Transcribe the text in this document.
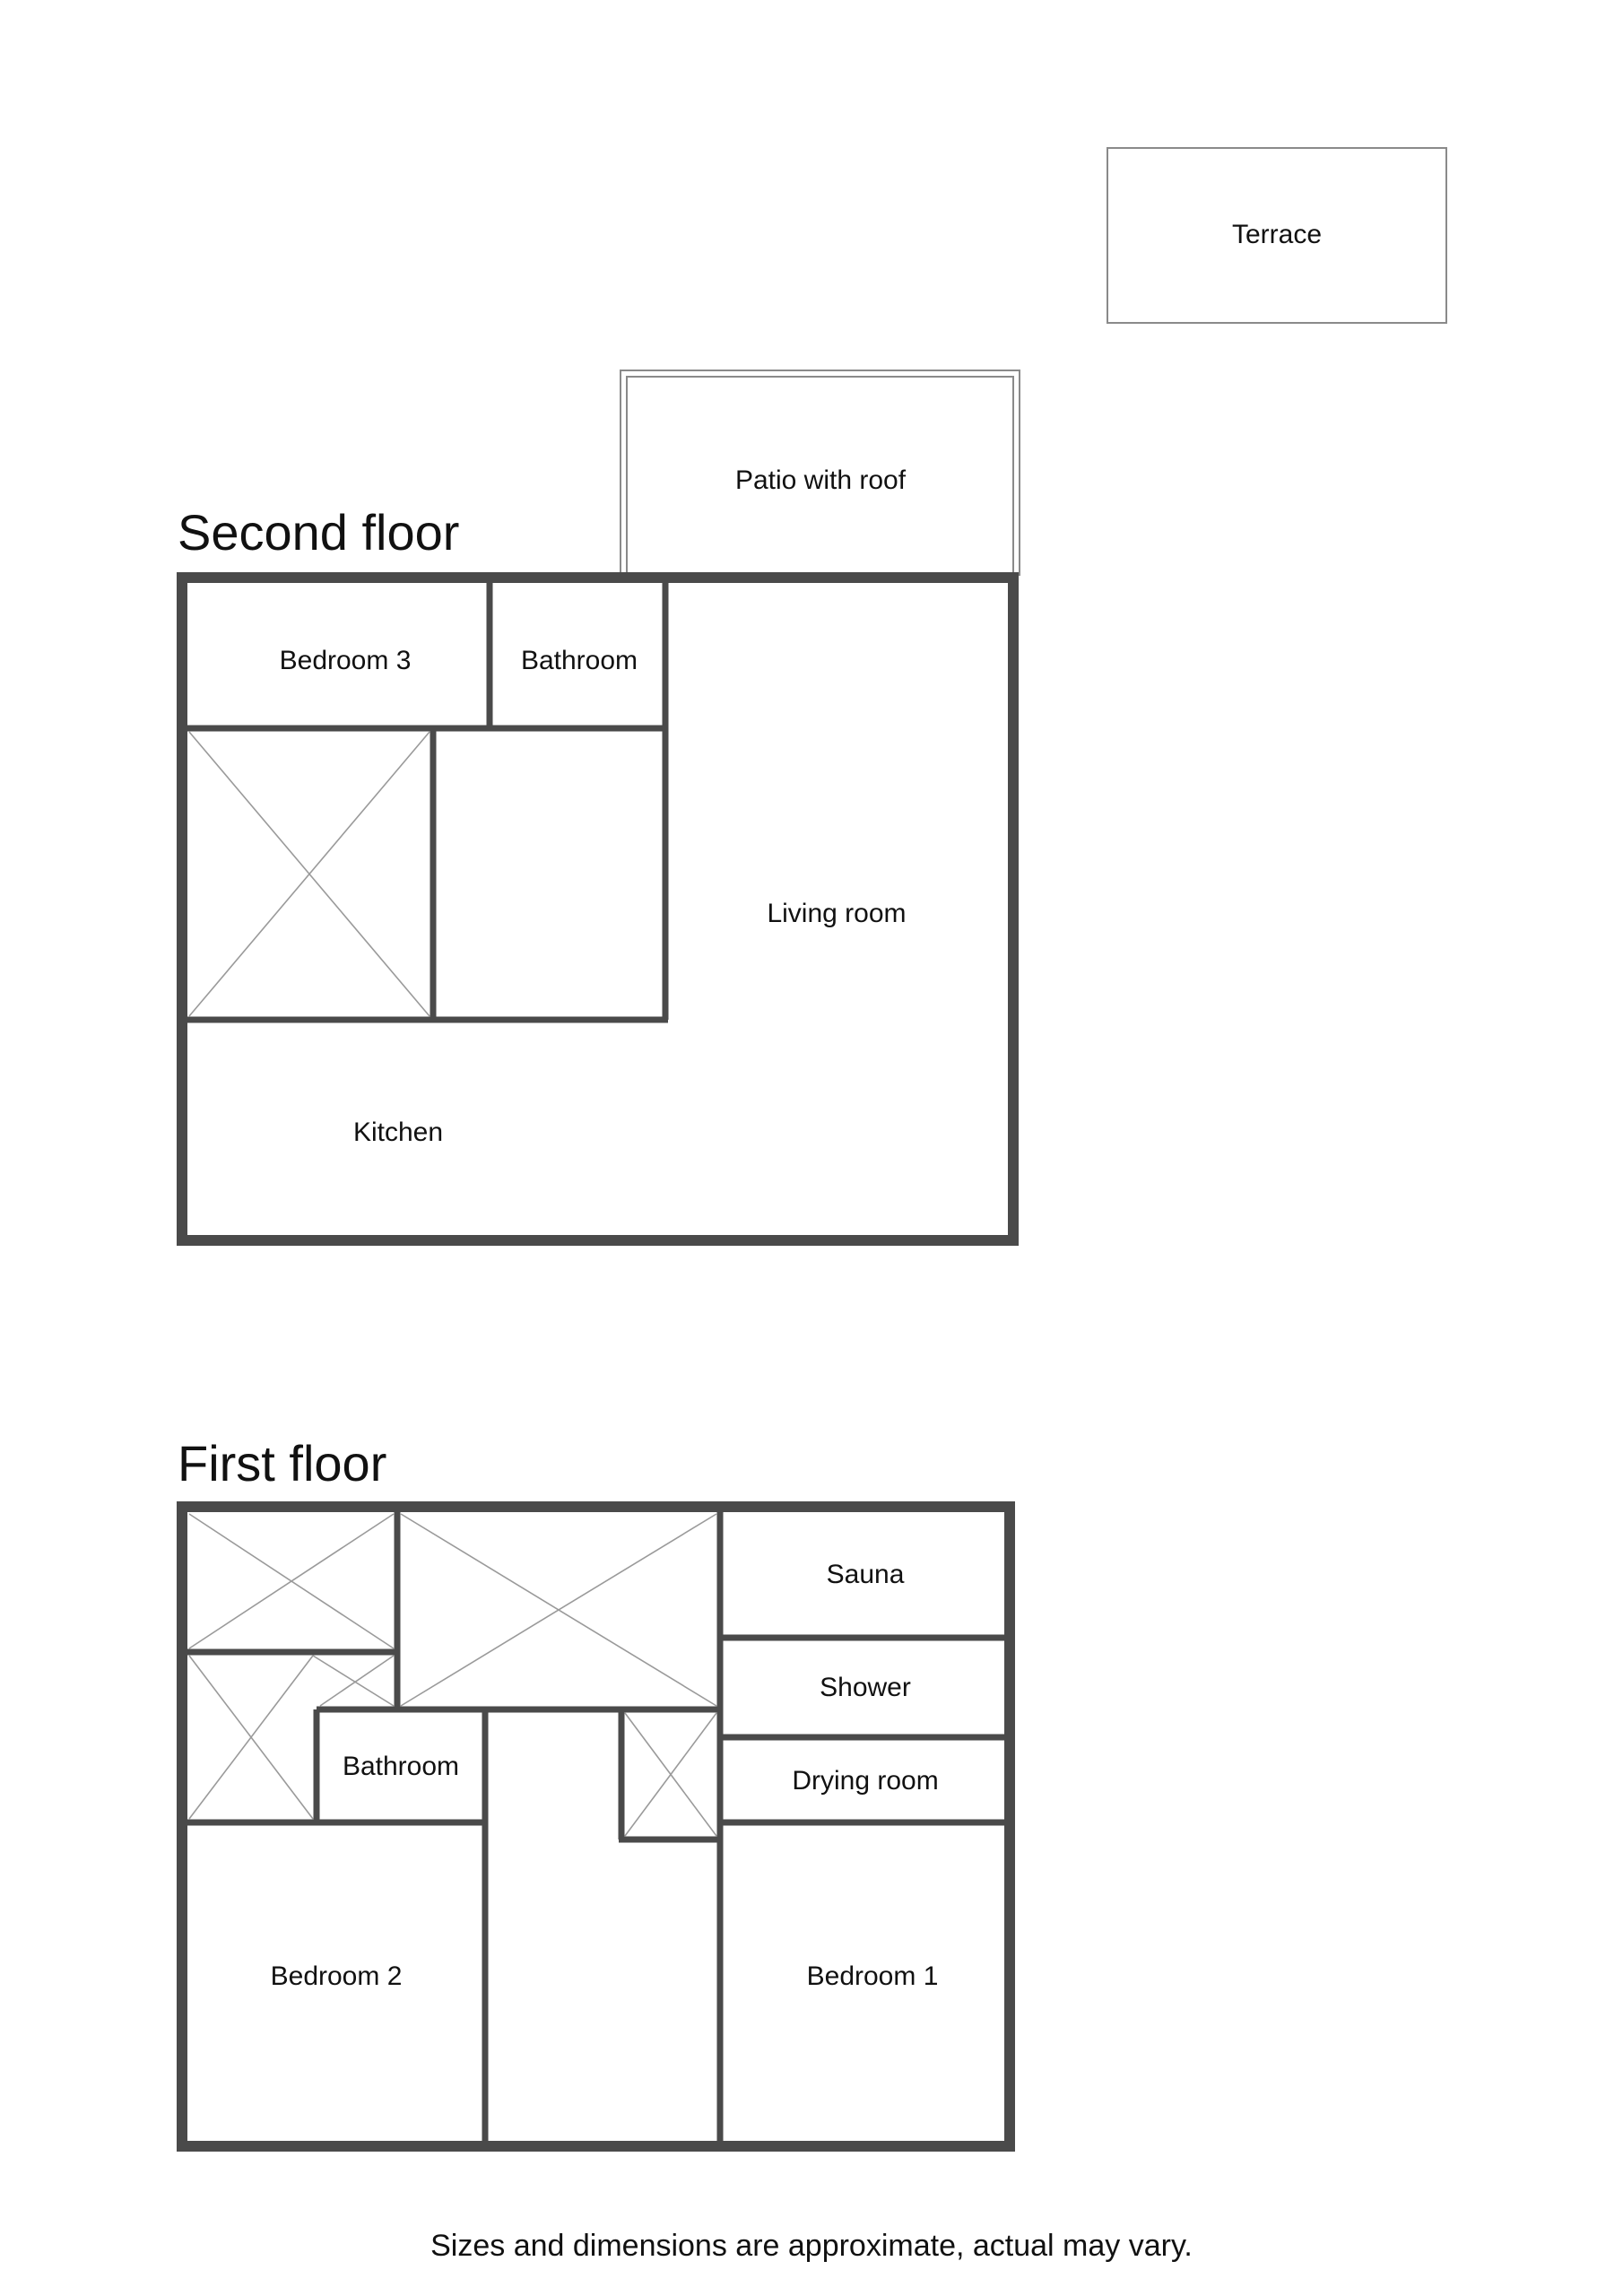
Terrace
Patio with roof
Second floor
Bedroom 3	Bathroom
Living room
Kitchen
First floor
Sauna
Shower
Drying room
Bathroom
Bedroom 2	Bedroom 1
Sizes and dimensions are approximate, actual may vary.
